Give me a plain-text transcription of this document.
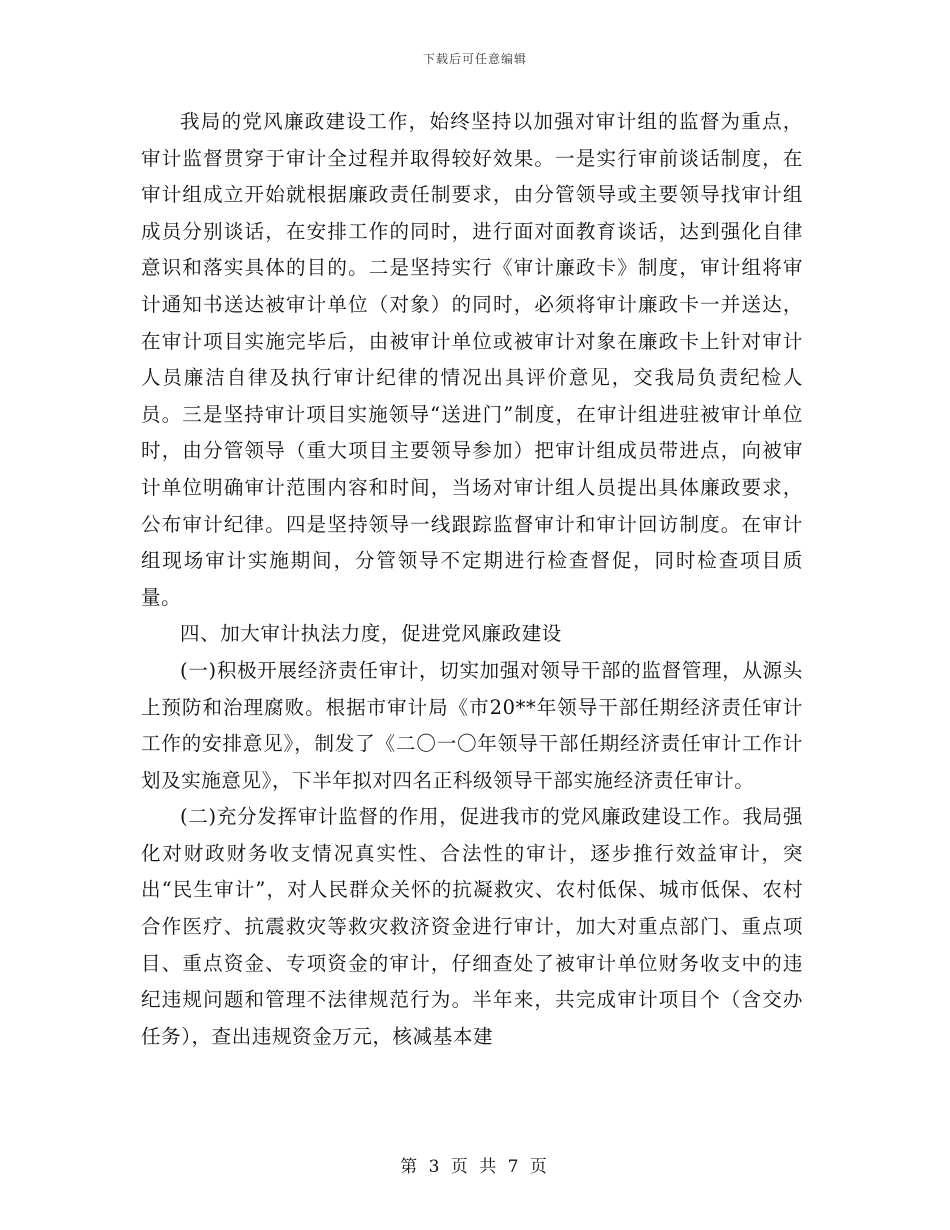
下载后可任意编辑

我局的党风廉政建设工作，始终坚持以加强对审计组的监督为重点，审计监督贯穿于审计全过程并取得较好效果。一是实行审前谈话制度，在审计组成立开始就根据廉政责任制要求，由分管领导或主要领导找审计组成员分别谈话，在安排工作的同时，进行面对面教育谈话，达到强化自律意识和落实具体的目的。二是坚持实行《审计廉政卡》制度，审计组将审计通知书送达被审计单位（对象）的同时，必须将审计廉政卡一并送达，在审计项目实施完毕后，由被审计单位或被审计对象在廉政卡上针对审计人员廉洁自律及执行审计纪律的情况出具评价意见，交我局负责纪检人员。三是坚持审计项目实施领导“送进门”制度，在审计组进驻被审计单位时，由分管领导（重大项目主要领导参加）把审计组成员带进点，向被审计单位明确审计范围内容和时间，当场对审计组人员提出具体廉政要求，公布审计纪律。四是坚持领导一线跟踪监督审计和审计回访制度。在审计组现场审计实施期间，分管领导不定期进行检查督促，同时检查项目质量。

四、加大审计执法力度，促进党风廉政建设

(一)积极开展经济责任审计，切实加强对领导干部的监督管理，从源头上预防和治理腐败。根据市审计局《市20**年领导干部任期经济责任审计工作的安排意见》，制发了《二〇一〇年领导干部任期经济责任审计工作计划及实施意见》，下半年拟对四名正科级领导干部实施经济责任审计。

(二)充分发挥审计监督的作用，促进我市的党风廉政建设工作。我局强化对财政财务收支情况真实性、合法性的审计，逐步推行效益审计，突出“民生审计”，对人民群众关怀的抗凝救灾、农村低保、城市低保、农村合作医疗、抗震救灾等救灾救济资金进行审计，加大对重点部门、重点项目、重点资金、专项资金的审计，仔细查处了被审计单位财务收支中的违纪违规问题和管理不法律规范行为。半年来，共完成审计项目个（含交办任务），查出违规资金万元，核减基本建

第 3 页 共 7 页
